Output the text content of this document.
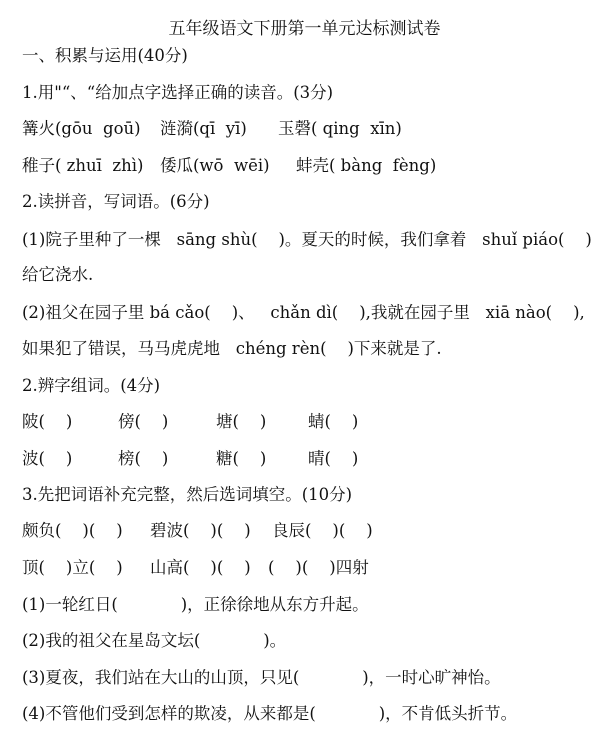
五年级语文下册第一单元达标测试卷
一、积累与运用(40分)
1.用"“、“给加点字选择正确的读音。(3分)
篝火(gōu  goū) 涟漪(qī  yī) 玉磬( qing  xīn)
稚子( zhuī  zhì) 倭瓜(wō  wēi) 蚌壳( bàng  fèng)
2.读拼音，写词语。(6分)
(1)院子里种了一棵   sāng shù(    )。夏天的时候，我们拿着   shuǐ piáo(    )
给它浇水.
(2)祖父在园子里 bá cǎo(    )、   chǎn dì(    ),我就在园子里   xiā nào(    ),
如果犯了错误，马马虎虎地   chéng rèn(    )下来就是了.
2.辨字组词。(4分)
陂(    )	傍(    )	塘(    )	蜻(    )
波(    )	榜(    )	糖(    )	晴(    )
3.先把词语补充完整，然后选词填空。(10分)
颇负(    )(    ) 碧波(    )(    ) 良辰(    )(    )
顶(    )立(    ) 山高(    )(    ) (    )(    )四射
(1)一轮红日(            )，正徐徐地从东方升起。
(2)我的祖父在星岛文坛(            )。
(3)夏夜，我们站在大山的山顶，只见(            )，一时心旷神怡。
(4)不管他们受到怎样的欺凌，从来都是(            )，不肯低头折节。
